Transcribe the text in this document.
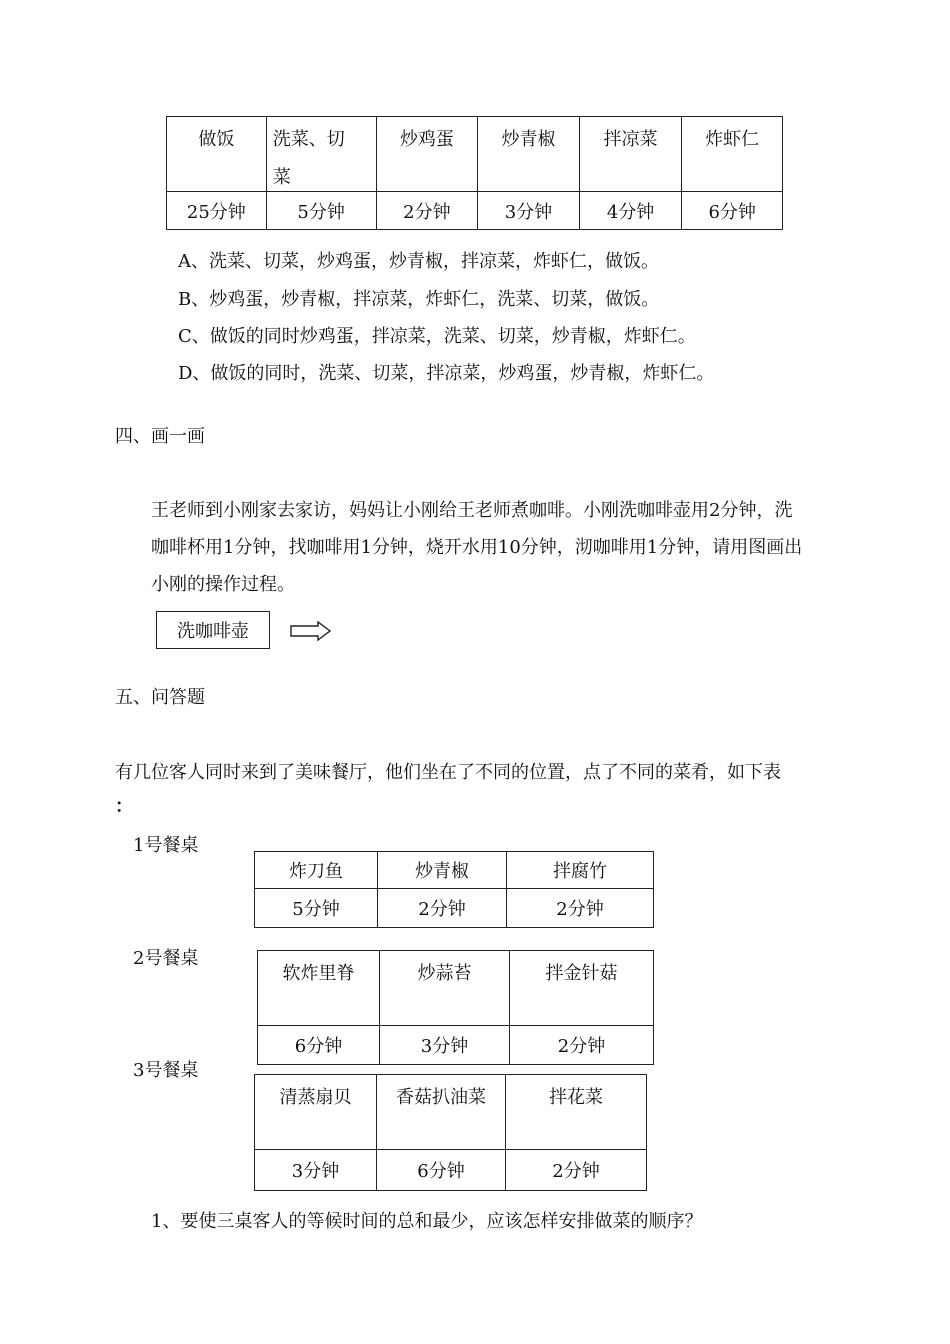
做饭	洗菜、切
菜	炒鸡蛋	炒青椒	拌凉菜	炸虾仁

25分钟	5分钟	2分钟	3分钟	4分钟	6分钟
A、洗菜、切菜，炒鸡蛋，炒青椒，拌凉菜，炸虾仁，做饭。
B、炒鸡蛋，炒青椒，拌凉菜，炸虾仁，洗菜、切菜，做饭。
C、做饭的同时炒鸡蛋，拌凉菜，洗菜、切菜，炒青椒，炸虾仁。
D、做饭的同时，洗菜、切菜，拌凉菜，炒鸡蛋，炒青椒，炸虾仁。
四、画一画
王老师到小刚家去家访，妈妈让小刚给王老师煮咖啡。小刚洗咖啡壶用2分钟，洗
咖啡杯用1分钟，找咖啡用1分钟，烧开水用10分钟，沏咖啡用1分钟，请用图画出
小刚的操作过程。
洗咖啡壶
五、问答题
有几位客人同时来到了美味餐厅，他们坐在了不同的位置，点了不同的菜肴，如下表
：
1号餐桌
炸刀鱼	炒青椒	拌腐竹
5分钟	2分钟	2分钟
2号餐桌
软炸里脊	炒蒜苔	拌金针菇

6分钟	3分钟	2分钟
3号餐桌
清蒸扇贝	香菇扒油菜	拌花菜

3分钟	6分钟	2分钟
1、要使三桌客人的等候时间的总和最少，应该怎样安排做菜的顺序？
